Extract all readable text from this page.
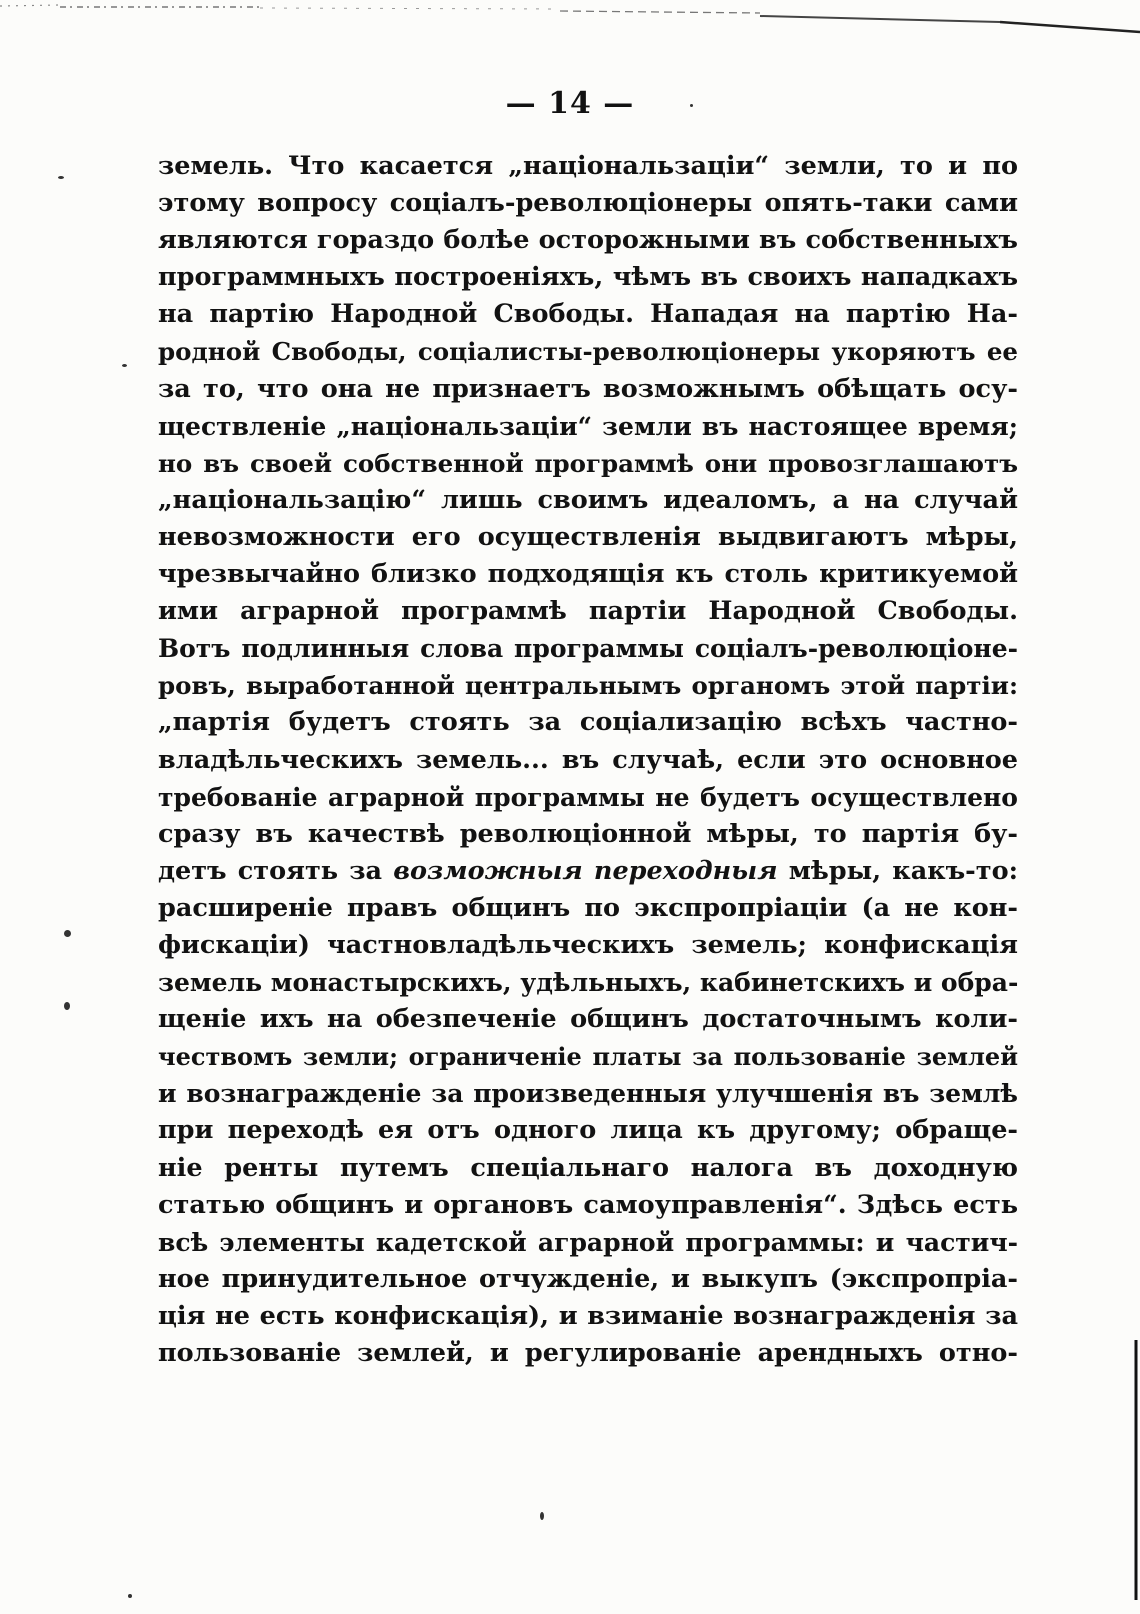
— 14 —
земель. Что касается „національзаціи“ земли, то и по
этому вопросу соціалъ-революціонеры опять-таки сами
являются гораздо болѣе осторожными въ собственныхъ
программныхъ построеніяхъ, чѣмъ въ своихъ нападкахъ
на партію Народной Свободы. Нападая на партію На-
родной Свободы, соціалисты-революціонеры укоряютъ ее
за то, что она не признаетъ возможнымъ обѣщать осу-
ществленіе „національзаціи“ земли въ настоящее время;
но въ своей собственной программѣ они провозглашаютъ
„національзацію“ лишь своимъ идеаломъ, а на случай
невозможности его осуществленія выдвигаютъ мѣры,
чрезвычайно близко подходящія къ столь критикуемой
ими аграрной программѣ партіи Народной Свободы.
Вотъ подлинныя слова программы соціалъ-революціоне-
ровъ, выработанной центральнымъ органомъ этой партіи:
„партія будетъ стоять за соціализацію всѣхъ частно-
владѣльческихъ земель... въ случаѣ, если это основное
требованіе аграрной программы не будетъ осуществлено
сразу въ качествѣ революціонной мѣры, то партія бу-
детъ стоять за возможныя переходныя мѣры, какъ-то:
расширеніе правъ общинъ по экспропріаціи (а не кон-
фискаціи) частновладѣльческихъ земель; конфискація
земель монастырскихъ, удѣльныхъ, кабинетскихъ и обра-
щеніе ихъ на обезпеченіе общинъ достаточнымъ коли-
чествомъ земли; ограниченіе платы за пользованіе землей
и вознагражденіе за произведенныя улучшенія въ землѣ
при переходѣ ея отъ одного лица къ другому; обраще-
ніе ренты путемъ спеціальнаго налога въ доходную
статью общинъ и органовъ самоуправленія“. Здѣсь есть
всѣ элементы кадетской аграрной программы: и частич-
ное принудительное отчужденіе, и выкупъ (экспропріа-
ція не есть конфискація), и взиманіе вознагражденія за
пользованіе землей, и регулированіе арендныхъ отно-
